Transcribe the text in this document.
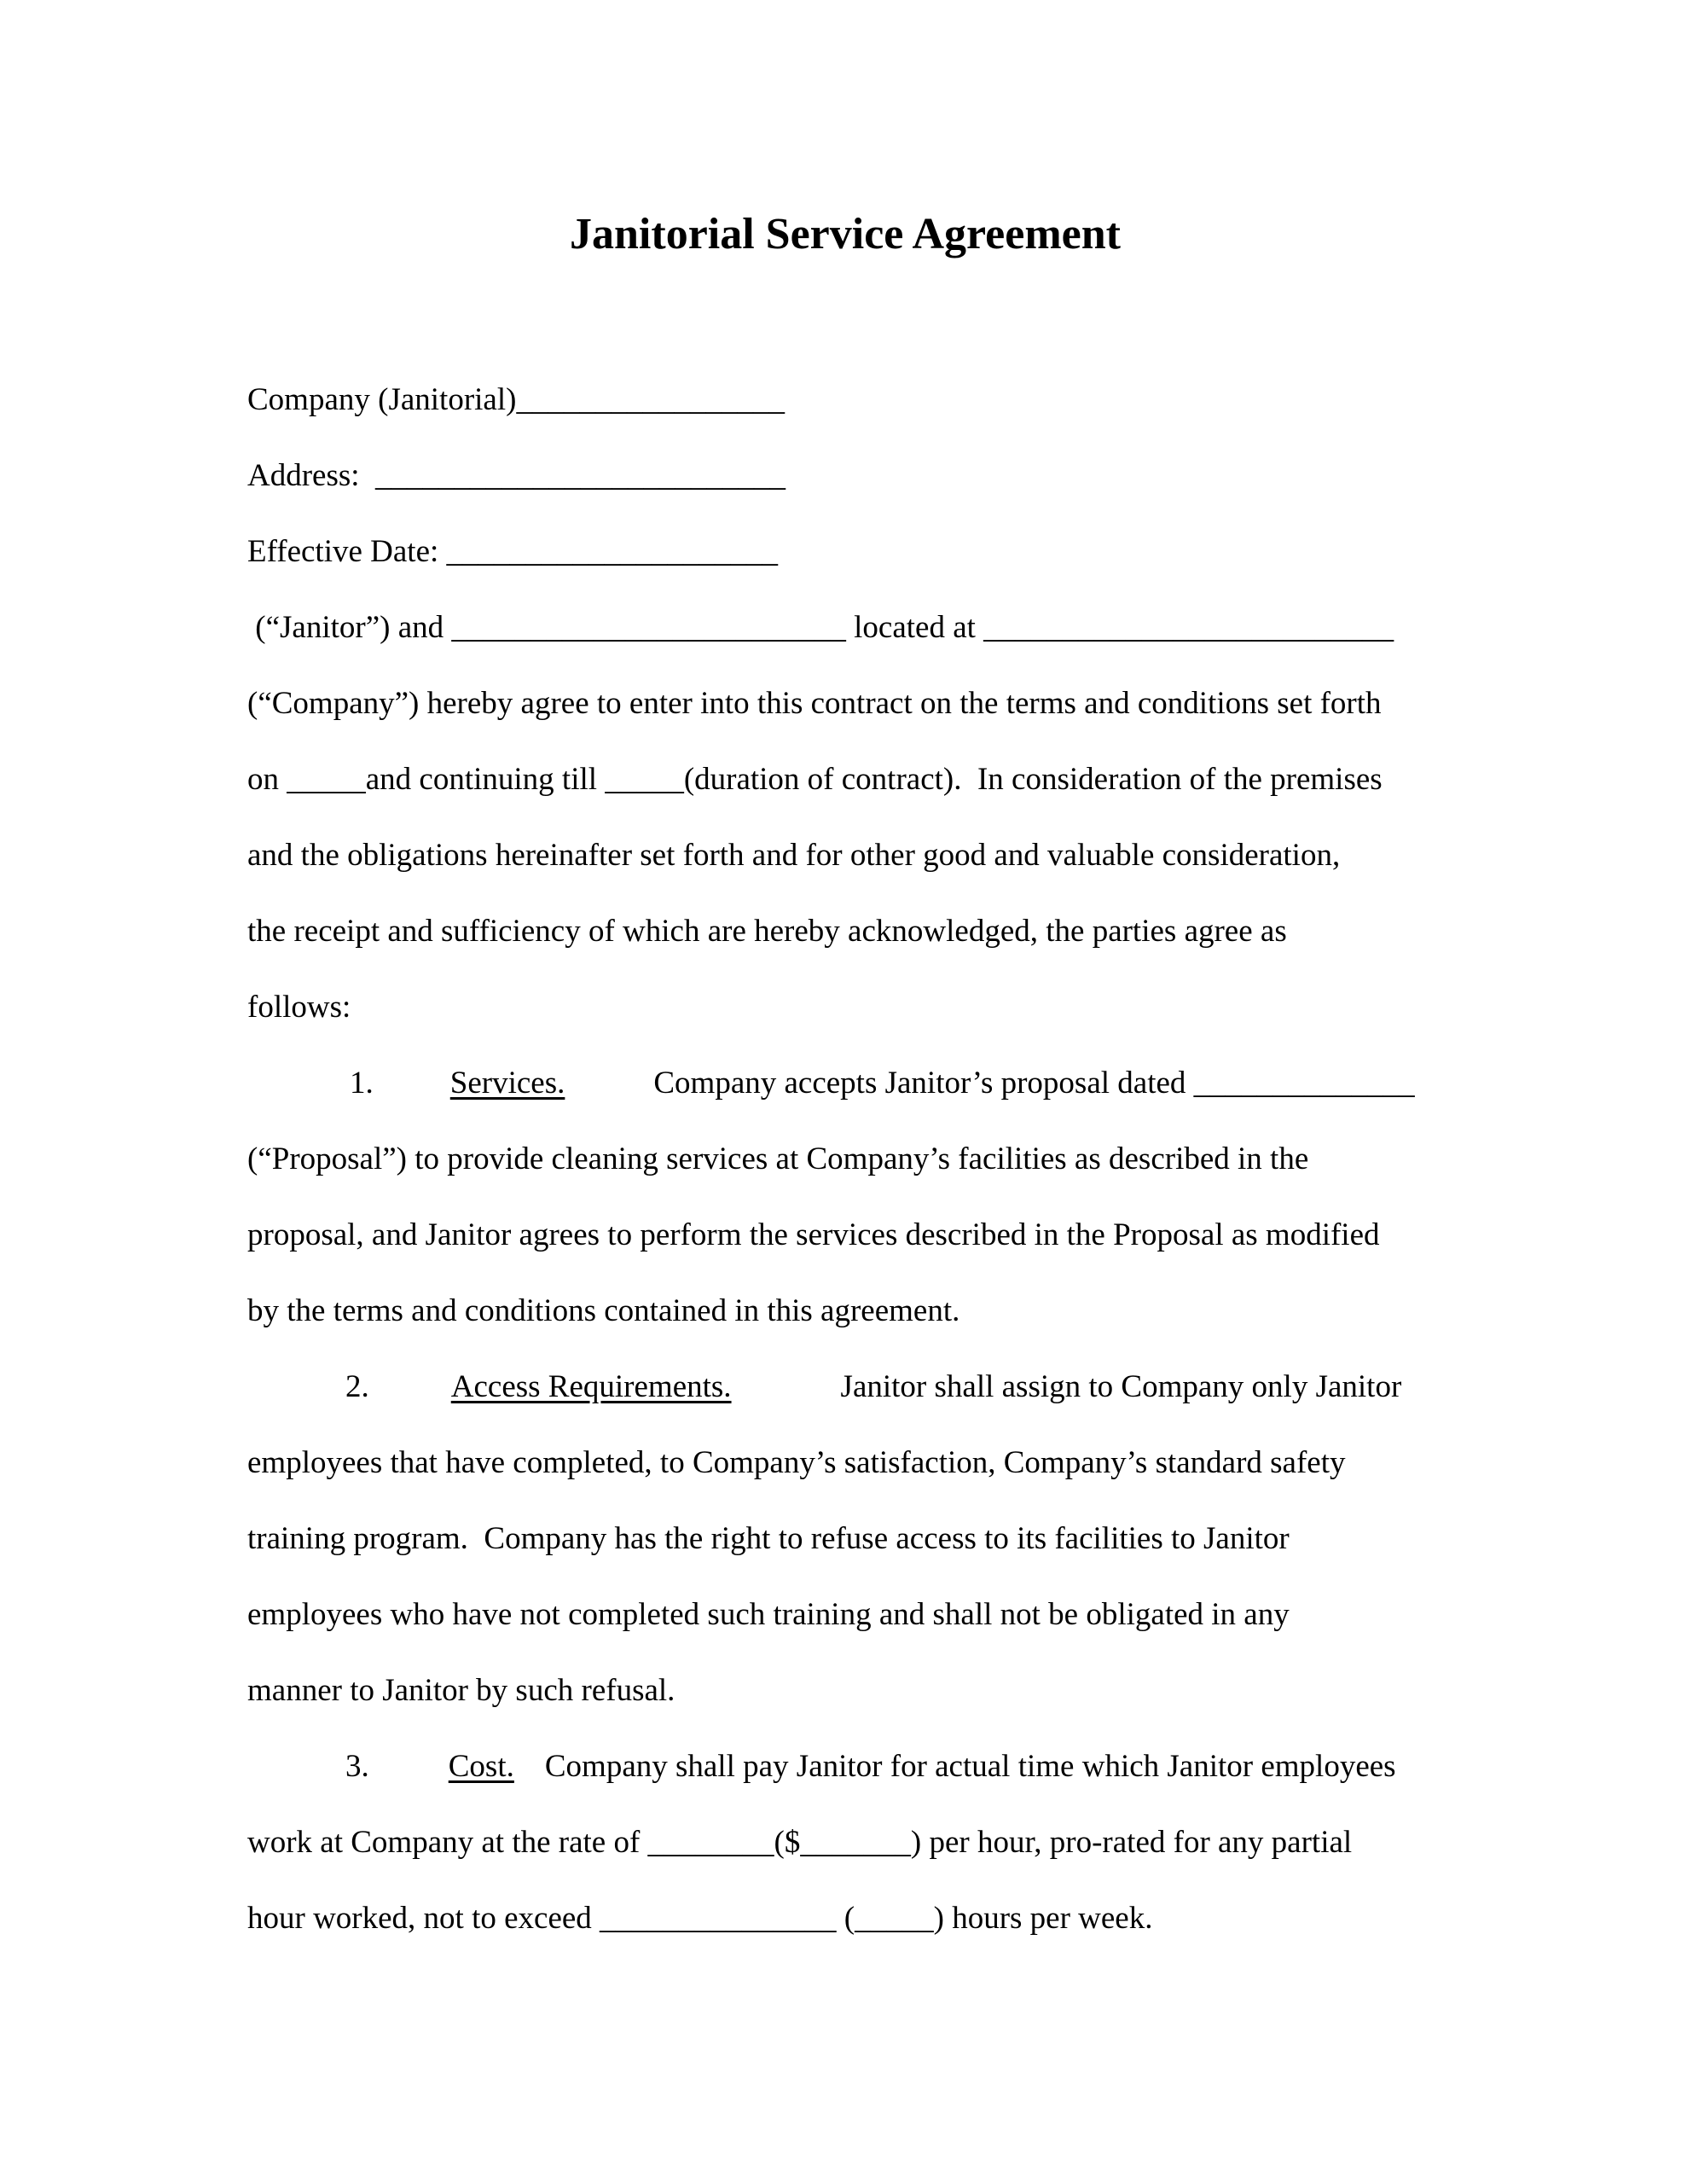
Janitorial Service Agreement
Company (Janitorial)_________________
Address:  __________________________
Effective Date: _____________________
(“Janitor”) and _________________________ located at __________________________
(“Company”) hereby agree to enter into this contract on the terms and conditions set forth
on _____and continuing till _____(duration of contract).  In consideration of the premises
and the obligations hereinafter set forth and for other good and valuable consideration,
the receipt and sufficiency of which are hereby acknowledged, the parties agree as
follows:
1. Services.	Company accepts Janitor’s proposal dated ______________
(“Proposal”) to provide cleaning services at Company’s facilities as described in the
proposal, and Janitor agrees to perform the services described in the Proposal as modified
by the terms and conditions contained in this agreement.
2.	Access Requirements.	Janitor shall assign to Company only Janitor
employees that have completed, to Company’s satisfaction, Company’s standard safety
training program.  Company has the right to refuse access to its facilities to Janitor
employees who have not completed such training and shall not be obligated in any
manner to Janitor by such refusal.
3.	Cost. Company shall pay Janitor for actual time which Janitor employees
work at Company at the rate of ________($_______) per hour, pro-rated for any partial
hour worked, not to exceed _______________ (_____) hours per week.
